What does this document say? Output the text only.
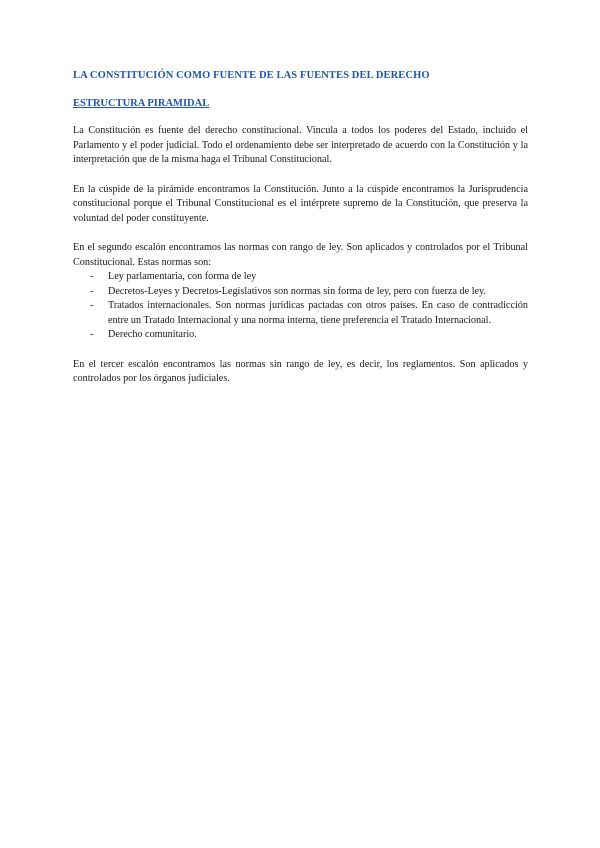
LA CONSTITUCIÓN COMO FUENTE DE LAS FUENTES DEL DERECHO
ESTRUCTURA PIRAMIDAL

La Constitución es fuente del derecho constitucional. Vincula a todos los poderes del Estado, incluido el Parlamento y el poder judicial. Todo el ordenamiento debe ser interpretado de acuerdo con la Constitución y la interpretación que de la misma haga el Tribunal Constitucional.

En la cúspide de la pirámide encontramos la Constitución. Junto a la cúspide encontramos la Jurisprudencia constitucional porque el Tribunal Constitucional es el intérprete supremo de la Constitución, que preserva la voluntad del poder constituyente.

En el segundo escalón encontramos las normas con rango de ley. Son aplicados y controlados por el Tribunal Constitucional. Estas normas son:

- Ley parlamentaria, con forma de ley
- Decretos-Leyes y Decretos-Legislativos son normas sin forma de ley, pero con fuerza de ley.
- Tratados internacionales. Son normas jurídicas pactadas con otros países. En caso de contradicción entre un Tratado Internacional y una norma interna, tiene preferencia el Tratado Internacional.
- Derecho comunitario.

En el tercer escalón encontramos las normas sin rango de ley, es decir, los reglamentos. Son aplicados y controlados por los órganos judiciales.
